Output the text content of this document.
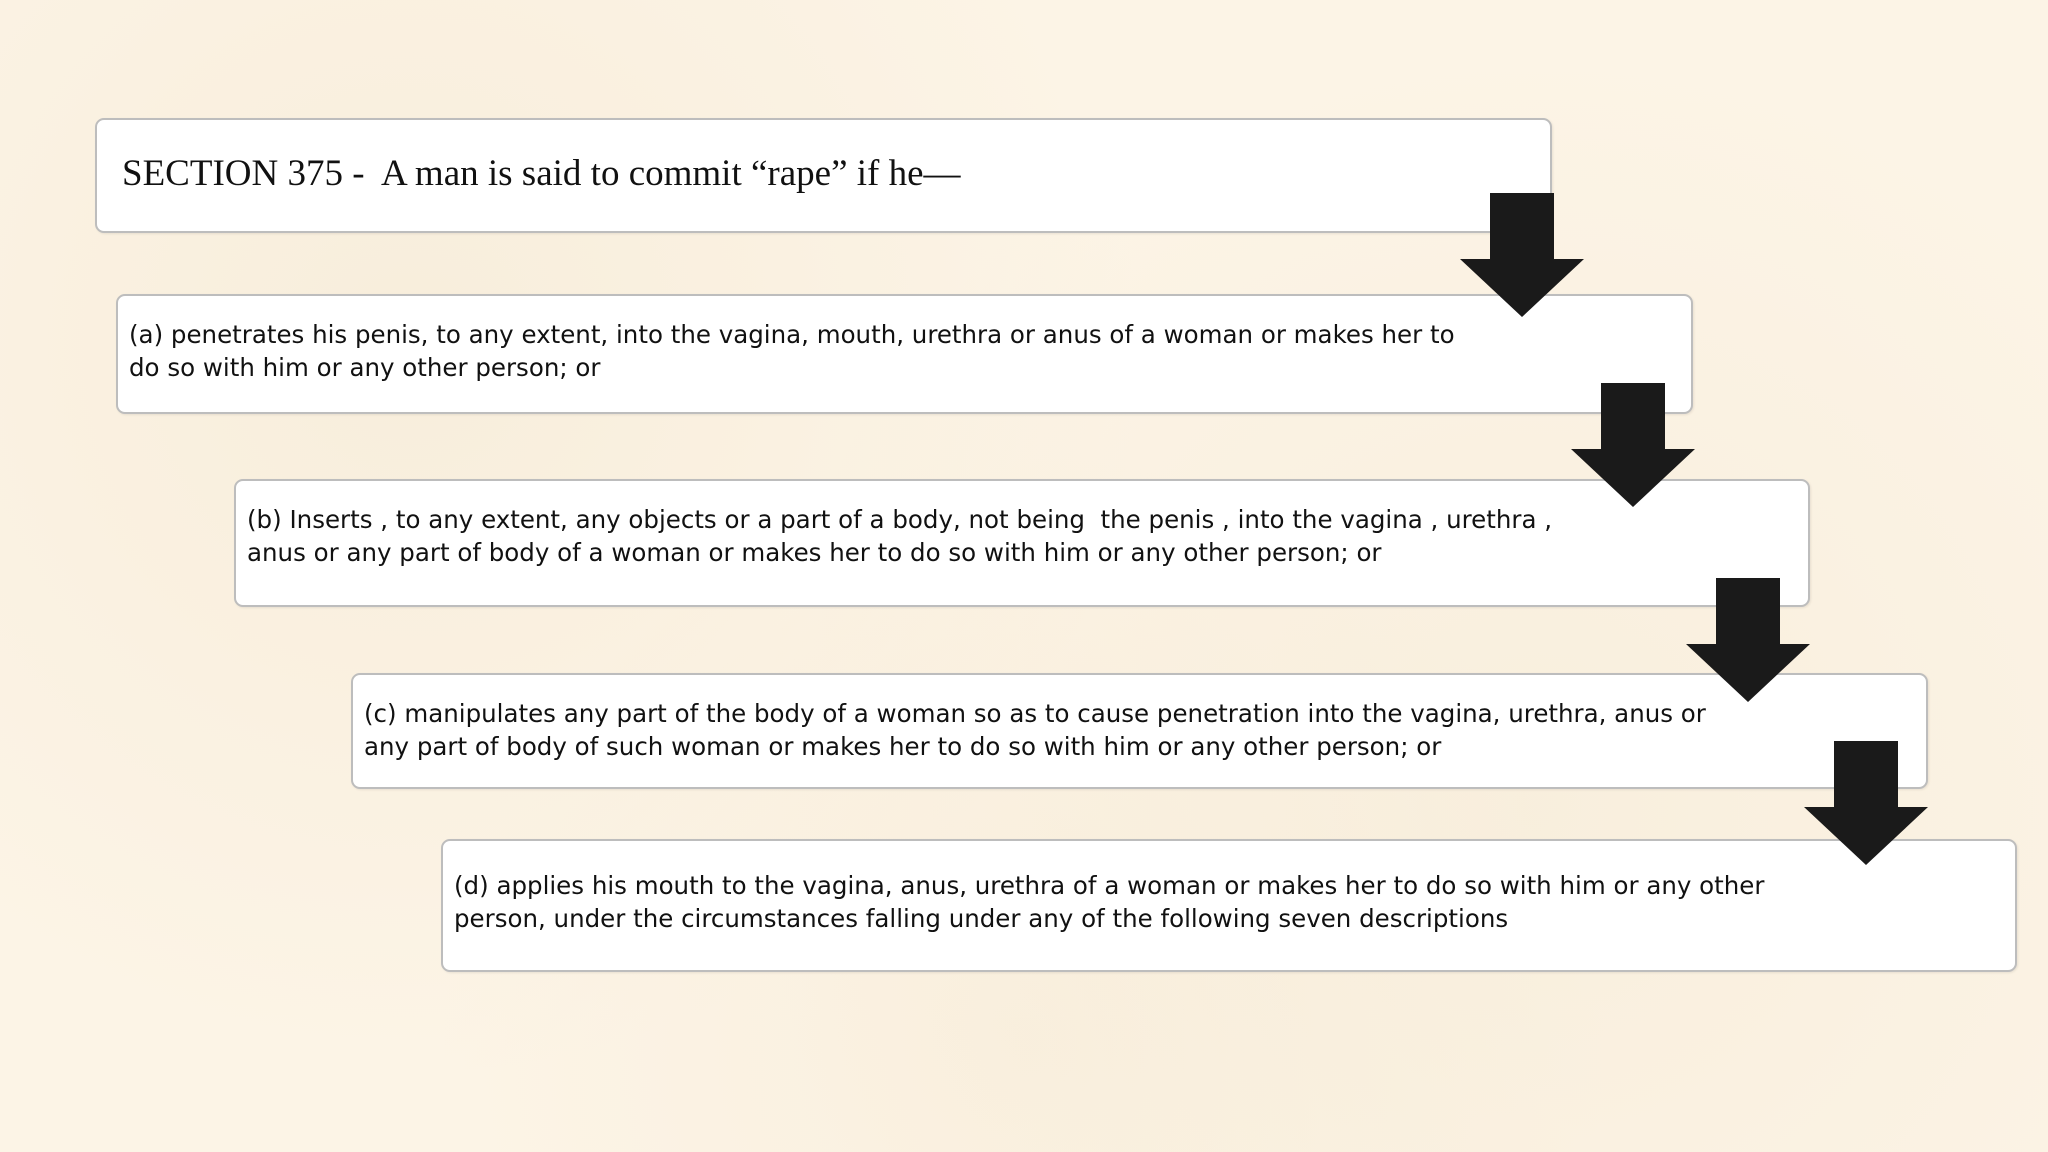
SECTION 375 -  A man is said to commit “rape” if he—
(a) penetrates his penis, to any extent, into the vagina, mouth, urethra or anus of a woman or makes her to
do so with him or any other person; or
(b) Inserts , to any extent, any objects or a part of a body, not being  the penis , into the vagina , urethra ,
anus or any part of body of a woman or makes her to do so with him or any other person; or
(c) manipulates any part of the body of a woman so as to cause penetration into the vagina, urethra, anus or
any part of body of such woman or makes her to do so with him or any other person; or
(d) applies his mouth to the vagina, anus, urethra of a woman or makes her to do so with him or any other
person, under the circumstances falling under any of the following seven descriptions
